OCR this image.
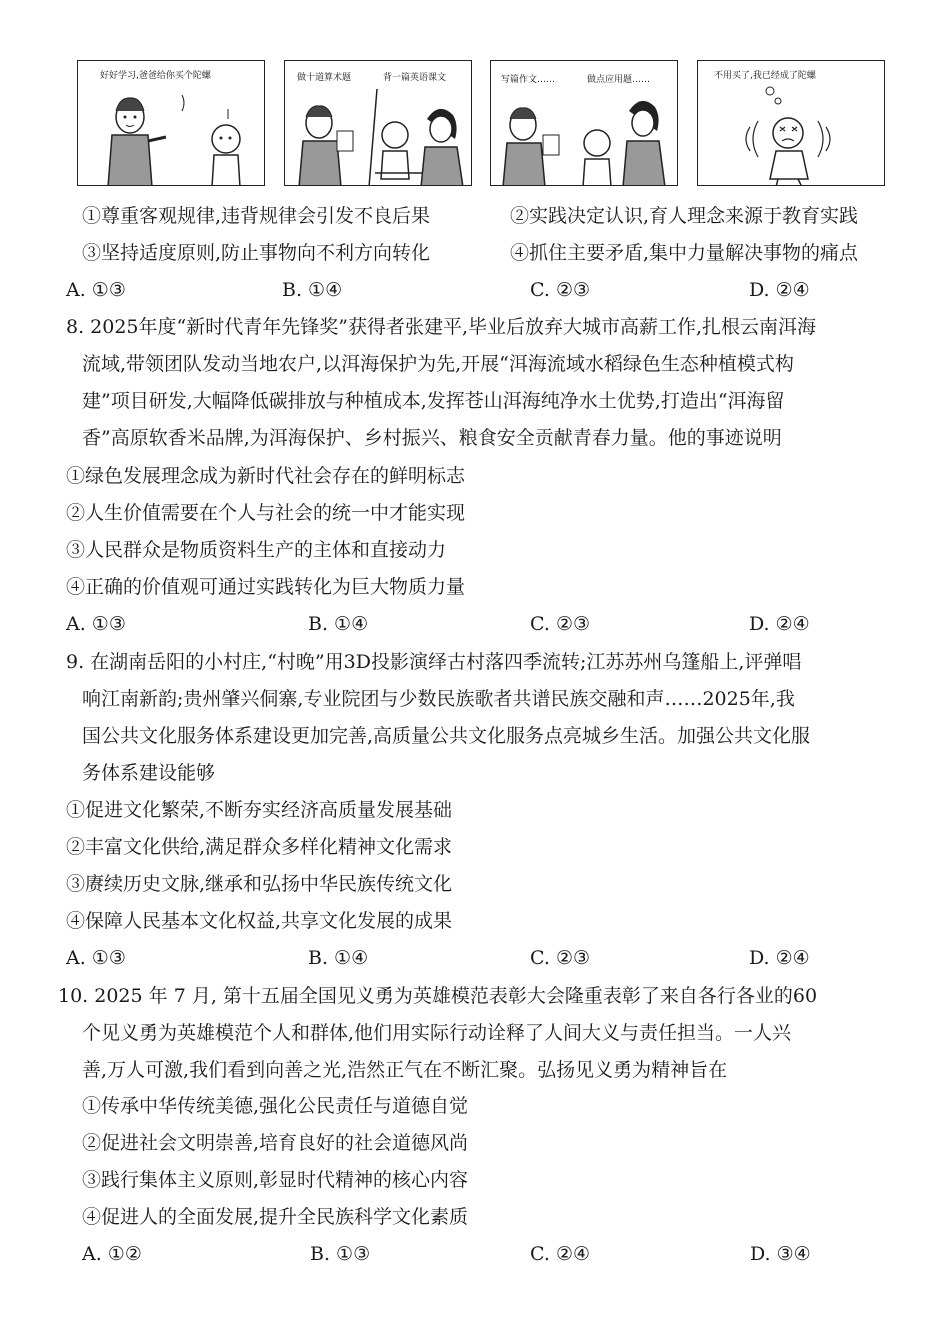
好好学习,爸爸给你买个陀螺	做十道算术题	背一篇英语课文	写篇作文……	做点应用题……	不用买了,我已经成了陀螺
①尊重客观规律,违背规律会引发不良后果	②实践决定认识,育人理念来源于教育实践
③坚持适度原则,防止事物向不利方向转化	④抓住主要矛盾,集中力量解决事物的痛点
A. ①③	B. ①④	C. ②③	D. ②④
8. 2025年度“新时代青年先锋奖”获得者张建平,毕业后放弃大城市高薪工作,扎根云南洱海
流域,带领团队发动当地农户,以洱海保护为先,开展“洱海流域水稻绿色生态种植模式构
建”项目研发,大幅降低碳排放与种植成本,发挥苍山洱海纯净水土优势,打造出“洱海留
香”高原软香米品牌,为洱海保护、乡村振兴、粮食安全贡献青春力量。他的事迹说明
①绿色发展理念成为新时代社会存在的鲜明标志
②人生价值需要在个人与社会的统一中才能实现
③人民群众是物质资料生产的主体和直接动力
④正确的价值观可通过实践转化为巨大物质力量
A. ①③	B. ①④	C. ②③	D. ②④
9. 在湖南岳阳的小村庄,“村晚”用3D投影演绎古村落四季流转;江苏苏州乌篷船上,评弹唱
响江南新韵;贵州肇兴侗寨,专业院团与少数民族歌者共谱民族交融和声……2025年,我
国公共文化服务体系建设更加完善,高质量公共文化服务点亮城乡生活。加强公共文化服
务体系建设能够
①促进文化繁荣,不断夯实经济高质量发展基础
②丰富文化供给,满足群众多样化精神文化需求
③赓续历史文脉,继承和弘扬中华民族传统文化
④保障人民基本文化权益,共享文化发展的成果
A. ①③	B. ①④	C. ②③	D. ②④
10. 2025 年 7 月, 第十五届全国见义勇为英雄模范表彰大会隆重表彰了来自各行各业的60
个见义勇为英雄模范个人和群体,他们用实际行动诠释了人间大义与责任担当。一人兴
善,万人可激,我们看到向善之光,浩然正气在不断汇聚。弘扬见义勇为精神旨在
①传承中华传统美德,强化公民责任与道德自觉
②促进社会文明崇善,培育良好的社会道德风尚
③践行集体主义原则,彰显时代精神的核心内容
④促进人的全面发展,提升全民族科学文化素质
A. ①②	B. ①③	C. ②④	D. ③④
